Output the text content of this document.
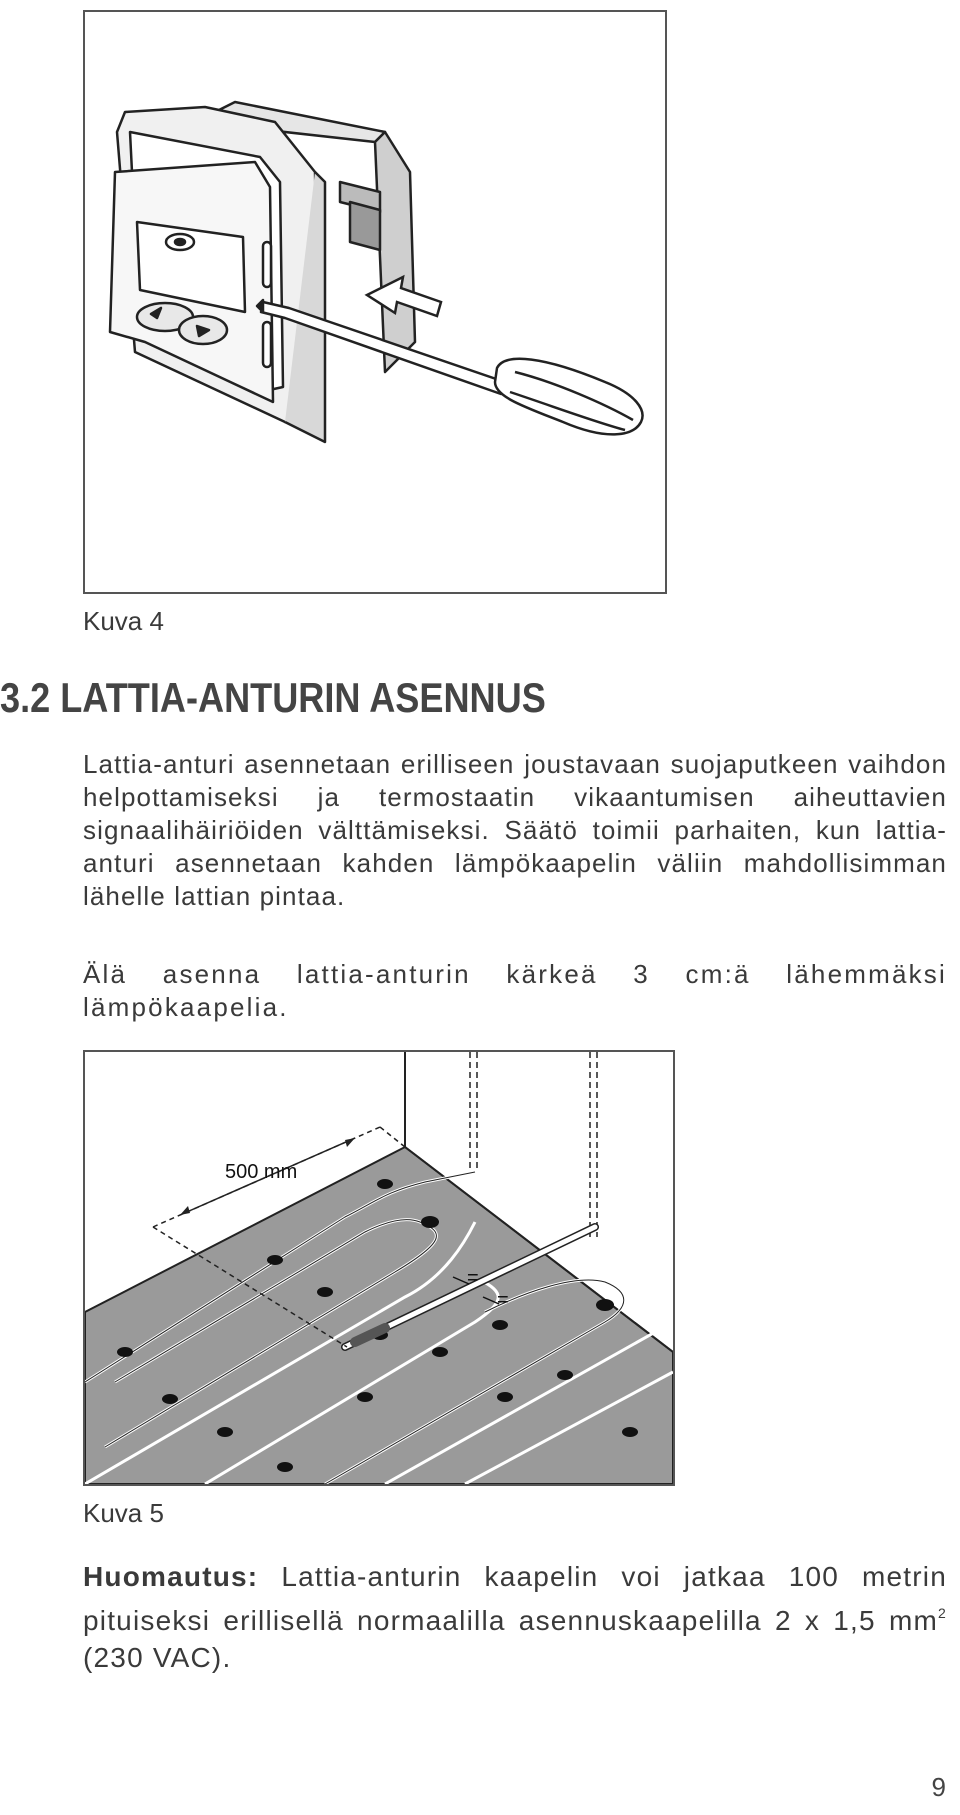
Kuva 4
3.2 LATTIA-ANTURIN ASENNUS

Lattia-anturi asennetaan erilliseen joustavaan suojaputkeen vaihdon helpottamiseksi ja termostaatin vikaantumisen aiheuttavien signaalihäiriöiden välttämiseksi. Säätö toimii parhaiten, kun lattia-anturi asennetaan kahden lämpökaapelin väliin mahdollisimman lähelle lattian pintaa.

Älä asenna lattia-anturin kärkeä 3 cm:ä lähemmäksi lämpökaapelia.

500 mm
=
=
Kuva 5

Huomautus: Lattia-anturin kaapelin voi jatkaa 100 metrin pituiseksi erillisellä normaalilla asennuskaapelilla 2 x 1,5 $mm^2$ (230 VAC).

9
